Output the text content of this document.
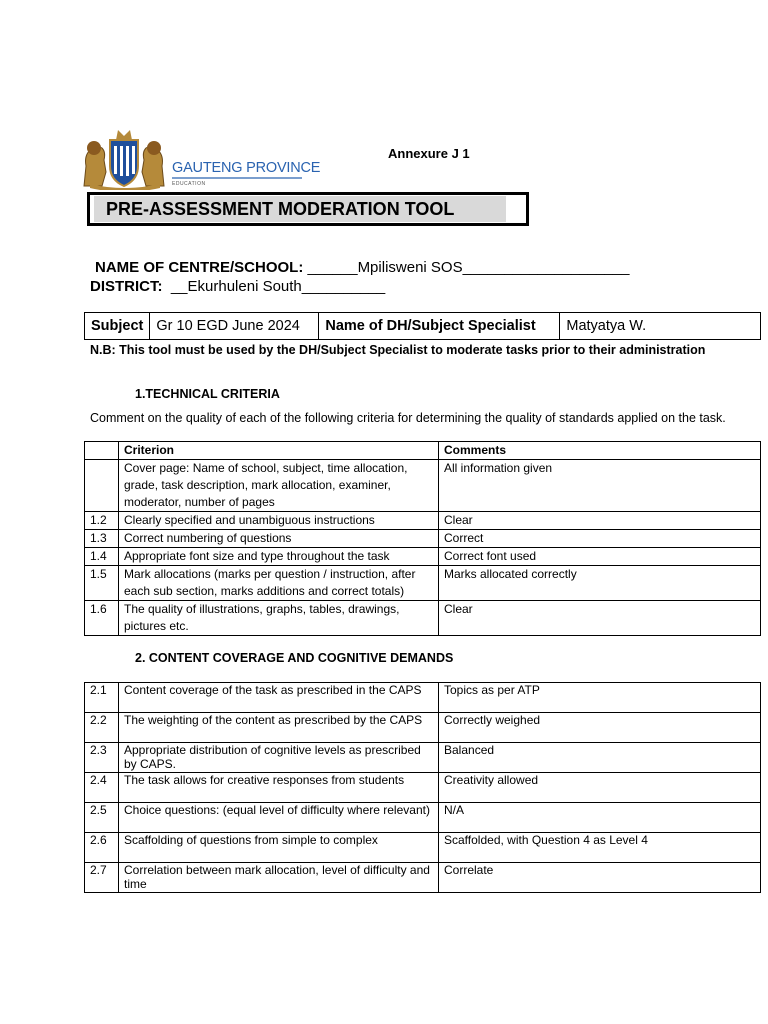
GAUTENG PROVINCE
EDUCATION
Annexure J 1
PRE-ASSESSMENT MODERATION TOOL
NAME OF CENTRE/SCHOOL: ______Mpilisweni SOS____________________
DISTRICT:  __Ekurhuleni South__________
Subject	Gr 10 EGD June 2024	Name of DH/Subject Specialist	Matyatya W.
N.B: This tool must be used by the DH/Subject Specialist to moderate tasks prior to their administration
1.TECHNICAL CRITERIA
Comment on the quality of each of the following criteria for determining the quality of standards applied on the task.
	Criterion	Comments
	Cover page: Name of school, subject, time allocation, grade, task description, mark allocation, examiner, moderator, number of pages	All information given
1.2	Clearly specified and unambiguous instructions	Clear
1.3	Correct numbering of questions	Correct
1.4	Appropriate font size and type throughout the task	Correct font used
1.5	Mark allocations (marks per question / instruction, after each sub section, marks additions and correct totals)	Marks allocated correctly
1.6	The quality of illustrations, graphs, tables, drawings, pictures etc.	Clear
2. CONTENT COVERAGE AND COGNITIVE DEMANDS
2.1	Content coverage of the task as prescribed in the CAPS	Topics as per ATP
2.2	The weighting of the content as prescribed by the CAPS	Correctly weighed
2.3	Appropriate distribution of cognitive levels as prescribed by CAPS.	Balanced
2.4	The task allows for creative responses from students	Creativity allowed
2.5	Choice questions: (equal level of difficulty where relevant)	N/A
2.6	Scaffolding of questions from simple to complex	Scaffolded, with Question 4 as Level 4
2.7	Correlation between mark allocation, level of difficulty and time	Correlate
